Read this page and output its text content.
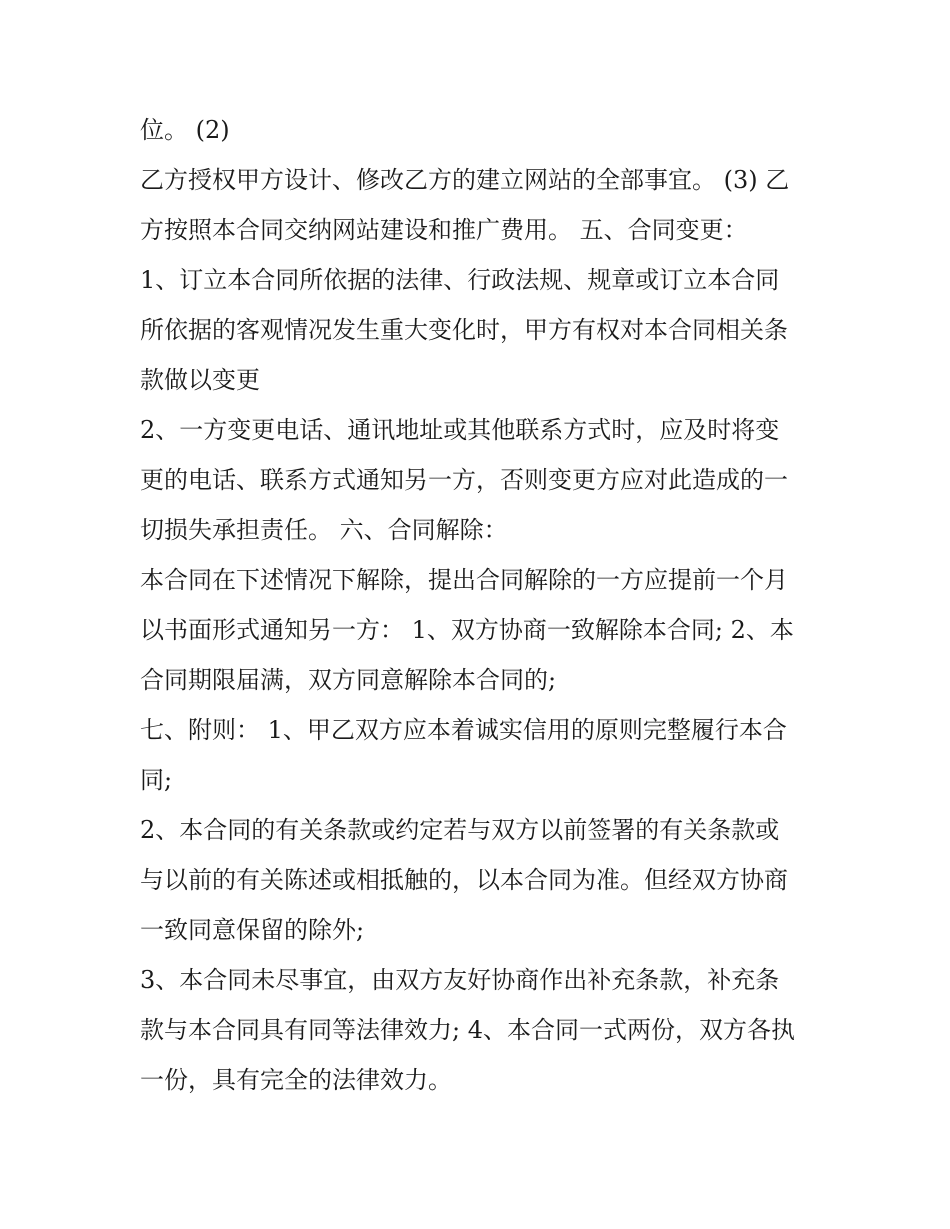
位。 (2)
乙方授权甲方设计、修改乙方的建立网站的全部事宜。 (3) 乙
方按照本合同交纳网站建设和推广费用。 五、合同变更：
1、订立本合同所依据的法律、行政法规、规章或订立本合同
所依据的客观情况发生重大变化时，甲方有权对本合同相关条
款做以变更
2、一方变更电话、通讯地址或其他联系方式时，应及时将变
更的电话、联系方式通知另一方，否则变更方应对此造成的一
切损失承担责任。 六、合同解除：
本合同在下述情况下解除，提出合同解除的一方应提前一个月
以书面形式通知另一方： 1、双方协商一致解除本合同; 2、本
合同期限届满，双方同意解除本合同的;
七、附则： 1、甲乙双方应本着诚实信用的原则完整履行本合
同;
2、本合同的有关条款或约定若与双方以前签署的有关条款或
与以前的有关陈述或相抵触的，以本合同为准。但经双方协商
一致同意保留的除外;
3、本合同未尽事宜，由双方友好协商作出补充条款，补充条
款与本合同具有同等法律效力; 4、本合同一式两份，双方各执
一份，具有完全的法律效力。
